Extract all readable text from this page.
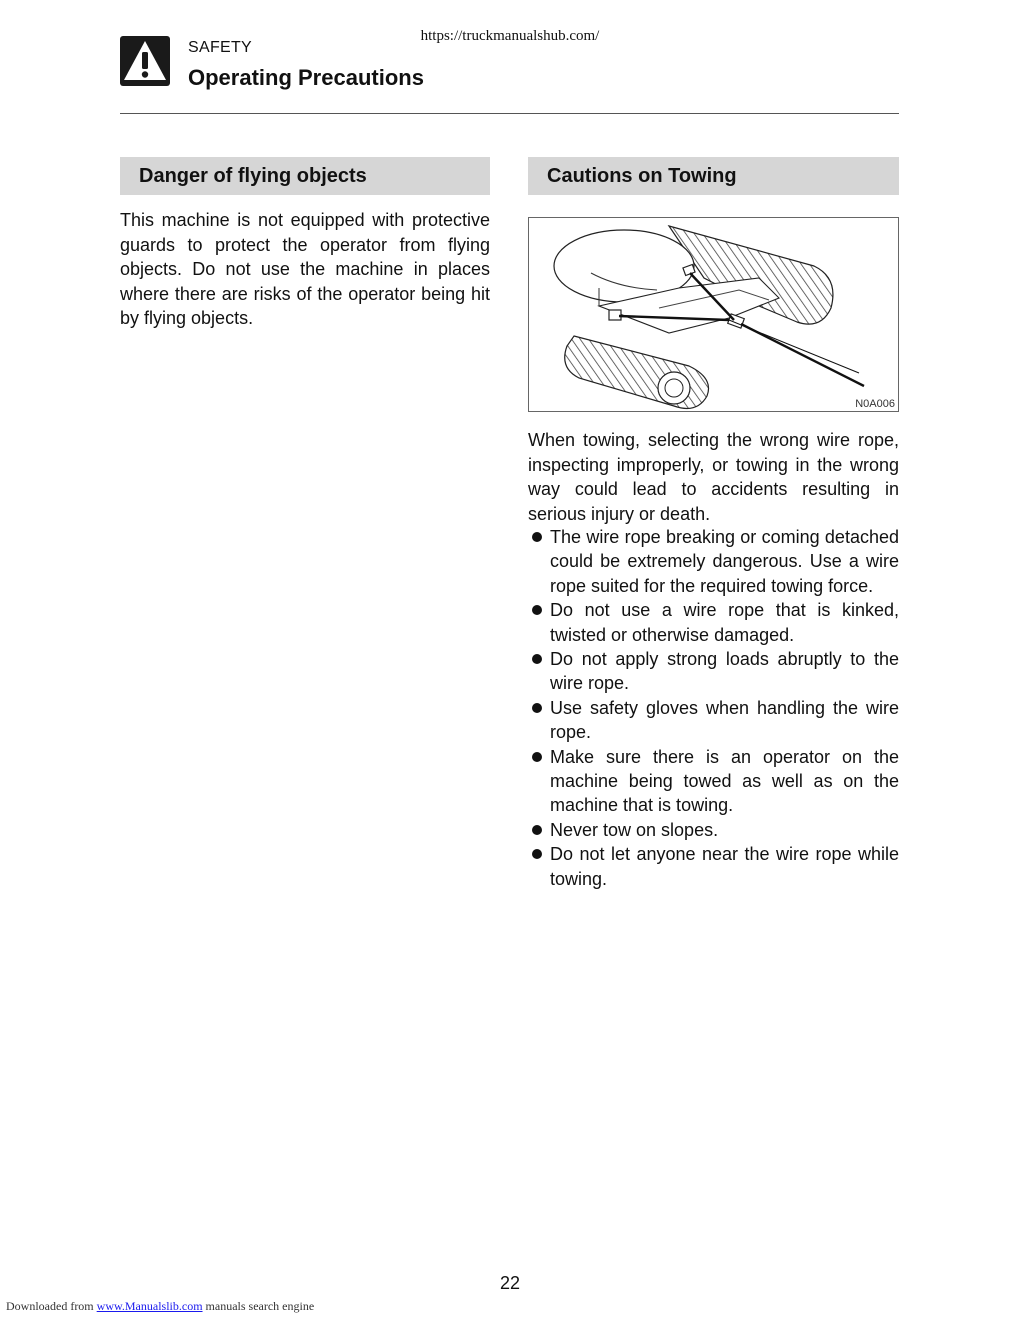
https://truckmanualshub.com/
SAFETY
Operating Precautions
Danger of flying objects
This machine is not equipped with protective guards to protect the operator from flying objects. Do not use the machine in places where there are risks of the operator being hit by flying objects.
Cautions on Towing
N0A006
When towing, selecting the wrong wire rope, inspecting improperly, or towing in the wrong way could lead to accidents resulting in serious injury or death.
The wire rope breaking or coming detached could be extremely dangerous. Use a wire rope suited for the required towing force.
Do not use a wire rope that is kinked, twisted or otherwise damaged.
Do not apply strong loads abruptly to the wire rope.
Use safety gloves when handling the wire rope.
Make sure there is an operator on the machine being towed as well as on the machine that is towing.
Never tow on slopes.
Do not let anyone near the wire rope while towing.
22
Downloaded from www.Manualslib.com manuals search engine
